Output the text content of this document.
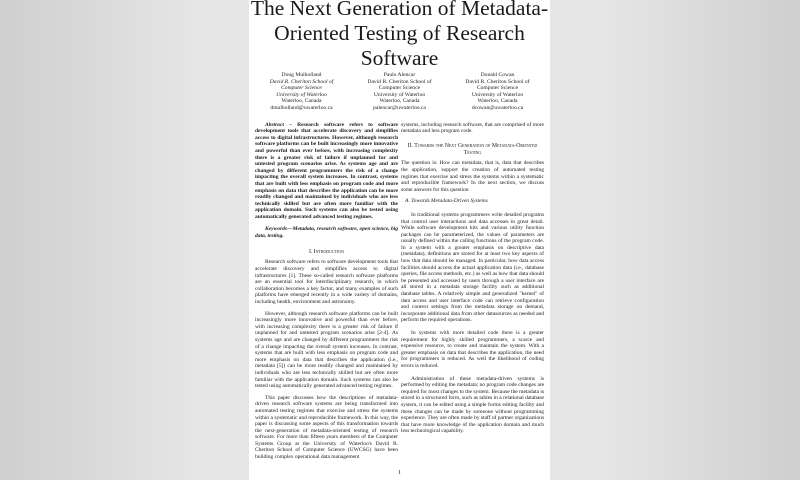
The Next Generation of Metadata-Oriented Testing of Research Software
Doug Mulholland
David R. Cheriton School of
Computer Science
University of Waterloo
Waterloo, Canada
dmulholland@uwaterloo.ca
Paulo Alencar
David R. Cheriton School of
Computer Science
University of Waterloo
Waterloo, Canada
palencar@uwaterloo.ca
Donald Cowan
David R. Cheriton School of
Computer Science
University of Waterloo
Waterloo, Canada
dcowan@uwaterloo.ca

Abstract – Research software refers to software development tools that accelerate discovery and simplifies access to digital infrastructures. However, although research software platforms can be built increasingly more innovative and powerful than ever before, with increasing complexity there is a greater risk of failure if unplanned for and untested program scenarios arise. As systems age and are changed by different programmers the risk of a change impacting the overall system increases. In contrast, systems that are built with less emphasis on program code and more emphasis on data that describes the application can be more readily changed and maintained by individuals who are less technically skilled but are often more familiar with the application domain. Such systems can also be tested using automatically generated advanced testing regimes.

Keywords—Metadata, research software, open science, big data, testing.

I. Introduction

Research software refers to software development tools that accelerate discovery and simplifies access to digital infrastructures [1]. These so-called research software platforms are an essential tool for interdisciplinary research, in which collaboration becomes a key factor, and many examples of such platforms have emerged recently in a wide variety of domains, including health, environment and astronomy.

However, although research software platforms can be built increasingly more innovative and powerful than ever before, with increasing complexity there is a greater risk of failure if unplanned for and untested program scenarios arise [2-4]. As systems age and are changed by different programmers the risk of a change impacting the overall system increases. In contrast, systems that are built with less emphasis on program code and more emphasis on data that describes the application (i.e., metadata [5]) can be more readily changed and maintained by individuals who are less technically skilled but are often more familiar with the application domain. Such systems can also be tested using automatically generated advanced testing regimes.

This paper discusses how the descriptions of metadata-driven research software systems are being transformed into automated testing regimes that exercise and stress the systems within a systematic and reproducible framework. In this way, the paper is discussing some aspects of this transformation towards the next-generation of metadata-oriented testing of research software. For more than fifteen years members of the Computer Systems Group at the University of Waterloo's David R. Cheriton School of Computer Science (UWCSG) have been building complex operational data management

systems, including research software, that are comprised of more metadata and less program code.

II. Towards the Next Generation of Metadata-Oriented Testing

The question is: How can metadata, that is, data that describes the application, support the creation of automated testing regimes that exercise and stress the systems within a systematic and reproducible framework? In the next section, we discuss some answers for this question

A. Towards Metadata-Driven Systems

In traditional systems programmers write detailed programs that control user interactions and data accesses in great detail. While software development kits and various utility function packages can be parameterized, the values of parameters are usually defined within the calling functions of the program code. In a system with a greater emphasis on descriptive data (metadata), definitions are stored for at least two key aspects of how that data should be managed. In particular, how data access facilities should access the actual application data (i.e., database queries, file access methods, etc.) as well as how that data should be presented and accessed by users through a user interface are all stored in a metadata storage facility such as additional database tables. A relatively simple and generalized "kernel" of data access and user interface code can retrieve configuration and context settings from the metadata storage on demand, incorporate additional data from other datasources as needed and perform the required operations.

In systems with more detailed code there is a greater requirement for highly skilled programmers, a scarce and expensive resource, to create and maintain the system. With a greater emphasis on data that describes the application, the need for programmers is reduced. As well the likelihood of coding errors is reduced.

Administration of these metadata-driven systems is performed by editing the metadata; no program code changes are required for most changes to the system. Because the metadata is stored in a structured form, such as tables in a relational database system, it can be edited using a simple forms editing facility and these changes can be made by someone without programming experience. They are often made by staff of partner organizations that have more knowledge of the application domain and much less technological capability.

1
